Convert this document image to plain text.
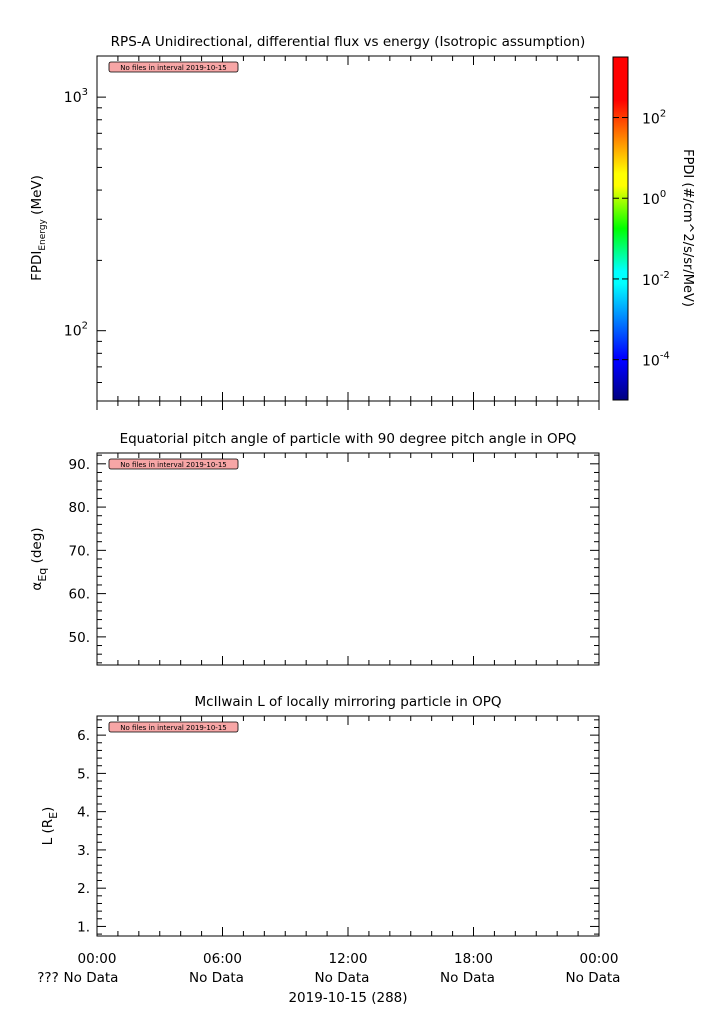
RPS-A Unidirectional, differential flux vs energy (Isotropic assumption)
$10^2$
$10^3$
$FPDI_{Energy}$ (MeV)
No files in interval 2019-10-15
$10^{-4}$
$10^{-2}$
$10^0$
$10^2$
FPDI (#/cm^2/s/sr/MeV)
Equatorial pitch angle of particle with 90 degree pitch angle in OPQ
50.
60.
70.
80.
90.
$\alpha_{Eq}$ (deg)
No files in interval 2019-10-15
McIlwain L of locally mirroring particle in OPQ
1.
2.
3.
4.
5.
6.
L $(R_E)$
No files in interval 2019-10-15
00:00
No Data
06:00
No Data
12:00
No Data
18:00
No Data
00:00
No Data
???
2019-10-15 (288)
